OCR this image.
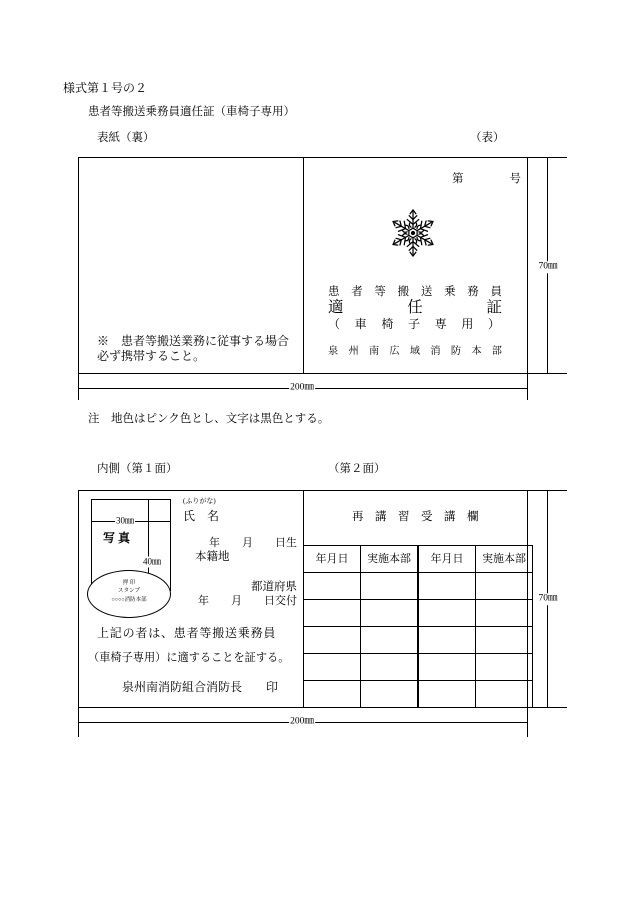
様式第１号の２
患者等搬送乗務員適任証（車椅子専用）
表紙（裏）	（表）
70㎜
200㎜
※　患者等搬送業務に従事する場合
必ず携帯すること。
第　　　　号
患　者　等　搬　送　乗　務　員
適　　　　任　　　　証
（　車　椅　子　専　用　）
泉　州　南　広　域　消　防　本　部
注　地色はピンク色とし、文字は黒色とする。
内側（第１面）	（第２面）
70㎜
200㎜
30㎜
写 真
40㎜
押 印
スタンプ
○○○○消防本部
(ふりがな)
氏　名
年　　月　　日生
本籍地
都道府県
年　　月　　日交付
上記の者は、患者等搬送乗務員
（車椅子専用）に適することを証する。
泉州南消防組合消防長　　印
再　講　習　受　講　欄
年月日	実施本部	年月日	実施本部
